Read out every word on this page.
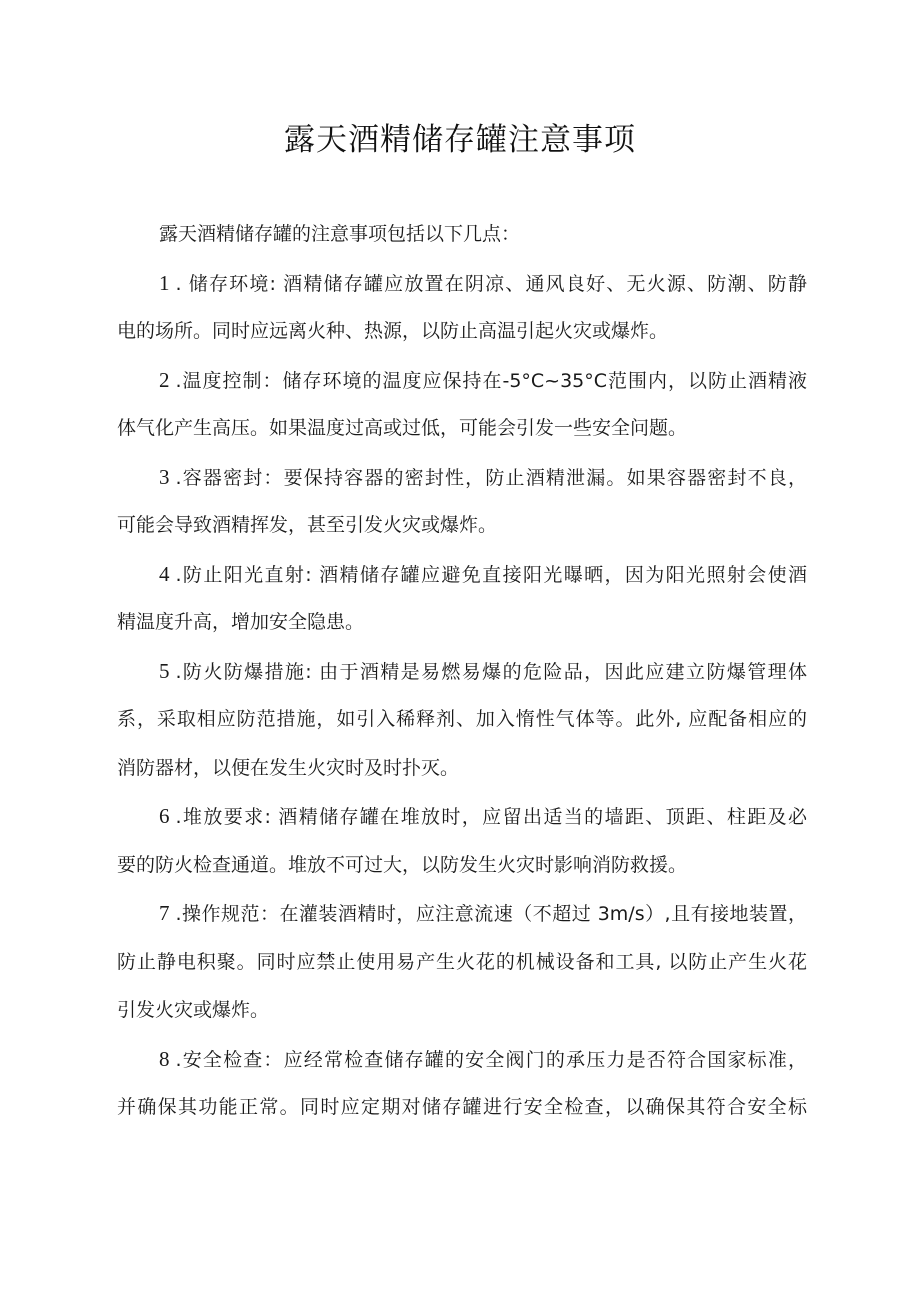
露天酒精储存罐注意事项
露天酒精储存罐的注意事项包括以下几点：
1 . 储存环境: 酒精储存罐应放置在阴凉、通风良好、无火源、防潮、防静
电的场所。同时应远离火种、热源，以防止高温引起火灾或爆炸。
2 .温度控制：储存环境的温度应保持在-5°C~35°C范围内，以防止酒精液
体气化产生高压。如果温度过高或过低，可能会引发一些安全问题。
3 .容器密封：要保持容器的密封性，防止酒精泄漏。如果容器密封不良，
可能会导致酒精挥发，甚至引发火灾或爆炸。
4 .防止阳光直射: 酒精储存罐应避免直接阳光曝晒，因为阳光照射会使酒
精温度升高，增加安全隐患。
5 .防火防爆措施: 由于酒精是易燃易爆的危险品，因此应建立防爆管理体
系，采取相应防范措施，如引入稀释剂、加入惰性气体等。此外, 应配备相应的
消防器材，以便在发生火灾时及时扑灭。
6 .堆放要求: 酒精储存罐在堆放时，应留出适当的墙距、顶距、柱距及必
要的防火检查通道。堆放不可过大，以防发生火灾时影响消防救援。
7 .操作规范：在灌装酒精时，应注意流速（不超过 3m/s）,且有接地装置，
防止静电积聚。同时应禁止使用易产生火花的机械设备和工具, 以防止产生火花
引发火灾或爆炸。
8 .安全检查：应经常检查储存罐的安全阀门的承压力是否符合国家标准，
并确保其功能正常。同时应定期对储存罐进行安全检查，以确保其符合安全标
